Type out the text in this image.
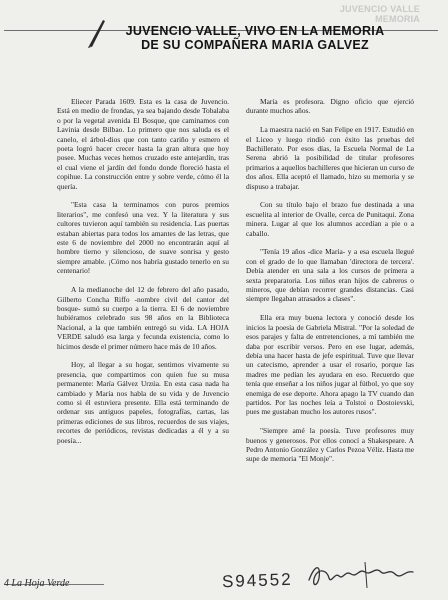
JUVENCIO VALLE
MEMORIA
JUVENCIO VALLE, VIVO EN LA MEMORIA
DE SU COMPAÑERA MARIA GALVEZ

Eliecer Parada 1609. Esta es la casa de Juvencio. Está en medio de frondas, ya sea bajando desde Tobalaba o por la vegetal avenida El Bosque, que caminamos con Lavinia desde Bilbao. Lo primero que nos saluda es el canelo, el árbol-dios que con tanto cariño y esmero el poeta logró hacer crecer hasta la gran altura que hoy posee. Muchas veces hemos cruzado este antejardín, tras el cual viene el jardín del fondo donde floreció hasta el copihue. La construcción entre y sobre verde, cómo él la quería.

"Esta casa la terminamos con puros premios literarios", me confesó una vez. Y la literatura y sus cultores tuvieron aquí también su residencia. Las puertas estaban abiertas para todos los amantes de las letras, que este 6 de noviembre del 2000 no encontrarán aquí al hombre tierno y silencioso, de suave sonrisa y gesto siempre amable. ¡Cómo nos habría gustado tenerlo en su centenario!

A la medianoche del 12 de febrero del año pasado, Gilberto Concha Riffo -nombre civil del cantor del bosque- sumó su cuerpo a la tierra. El 6 de noviembre hubiéramos celebrado sus 98 años en la Biblioteca Nacional, a la que también entregó su vida. LA HOJA VERDE saludó esa larga y fecunda existencia, como lo hicimos desde el primer número hace más de 10 años.

Hoy, al llegar a su hogar, sentimos vivamente su presencia, que compartimos con quien fue su musa permanente: María Gálvez Urzúa. En esta casa nada ha cambiado y María nos habla de su vida y de Juvencio como si él estuviera presente. Ella está terminando de ordenar sus antiguos papeles, fotografías, cartas, las primeras ediciones de sus libros, recuerdos de sus viajes, recortes de periódicos, revistas dedicadas a él y a su poesía...

María es profesora. Digno oficio que ejerció durante muchos años.

La maestra nació en San Felipe en 1917. Estudió en el Liceo y luego rindió con éxito las pruebas del Bachillerato. Por esos días, la Escuela Normal de La Serena abrió la posibilidad de titular profesores primarios a aquellos bachilleres que hicieran un curso de dos años. Ella aceptó el llamado, hizo su memoria y se dispuso a trabajar.

Con su título bajo el brazo fue destinada a una escuelita al interior de Ovalle, cerca de Punitaqui. Zona minera. Lugar al que los alumnos accedían a pie o a caballo.

"Tenía 19 años -dice María- y a esa escuela llegué con el grado de lo que llamaban 'directora de tercera'. Debía atender en una sala a los cursos de primera a sexta preparatoria. Los niños eran hijos de cabreros o mineros, que debían recorrer grandes distancias. Casi siempre llegaban atrasados a clases".

Ella era muy buena lectora y conoció desde los inicios la poesía de Gabriela Mistral. "Por la soledad de esos parajes y falta de entretenciones, a mí también me daba por escribir versos. Pero en ese lugar, además, debía una hacer hasta de jefe espiritual. Tuve que llevar un catecismo, aprender a usar el rosario, porque las madres me pedían les ayudara en eso. Recuerdo que tenía que enseñar a los niños jugar al fútbol, yo que soy enemiga de ese deporte. Ahora apago la TV cuando dan partidos. Por las noches leía a Tolstoi o Dostoievski, pues me gustaban mucho los autores rusos".

"Siempre amé la poesía. Tuve profesores muy buenos y generosos. Por ellos conocí a Shakespeare. A Pedro Antonio González y Carlos Pezoa Véliz. Hasta me supe de memoria "El Monje".

4 La Hoja Verde	S94552
